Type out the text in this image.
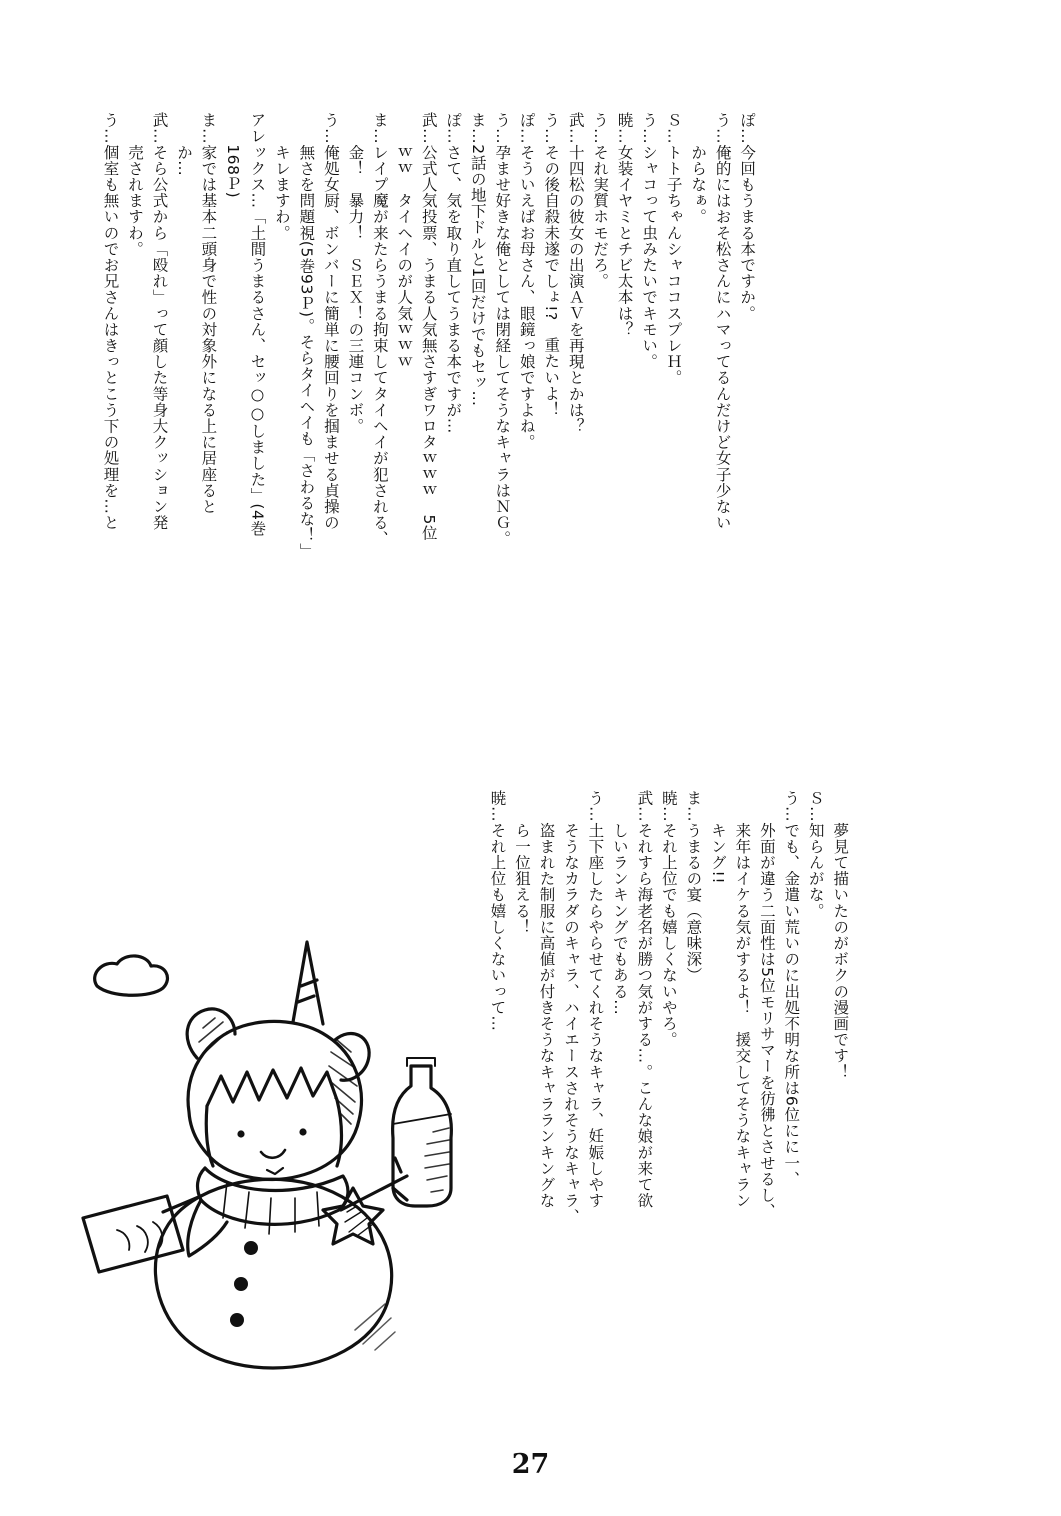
ぽ…今回もうまる本ですか。
う…俺的にはおそ松さんにハマってるんだけど女子少ない
　　からなぁ。
Ｓ…トト子ちゃんシャココスプレＨ。
う…シャコって虫みたいでキモい。
暁…女装イヤミとチビ太本は？
う…それ実質ホモだろ。
武…十四松の彼女の出演ＡＶを再現とかは？
う…その後自殺未遂でしょ!?　重たいよ！
ぽ…そういえばお母さん、眼鏡っ娘ですよね。
う…孕ませ好きな俺としては閉経してそうなキャラはＮＧ。
ま…2話の地下ドルと1回だけでもセッ…
ぽ…さて、気を取り直してうまる本ですが…
武…公式人気投票、うまる人気無さすぎワロタｗｗｗ　5位
　　ｗｗ　タイヘイのが人気ｗｗｗ
ま…レイプ魔が来たらうまる拘束してタイヘイが犯される、
　　金！　暴力！　ＳＥＸ！の三連コンボ。
う…俺処女厨、ボンバーに簡単に腰回りを掴ませる貞操の
　　無さを問題視(5巻93Ｐ)。そらタイヘイも「さわるな！」
　　キレますわ。
アレックス…「土間うまるさん、セッ○○しました」(4巻
　　168Ｐ)
ま…家では基本二頭身で性の対象外になる上に居座ると
　　か…
武…そら公式から「殴れ」って顔した等身大クッション発
　　売されますわ。
う…個室も無いのでお兄さんはきっとこう下の処理を…と
　　夢見て描いたのがボクの漫画です！
Ｓ…知らんがな。
う…でも、金遣い荒いのに出処不明な所は6位にに一、
　　外面が違う二面性は5位モリサマーを彷彿とさせるし、
　　来年はイケる気がするよ！　援交してそうなキャラン
　　キング!!
ま…うまるの宴（意味深）
暁…それ上位でも嬉しくないやろ。
武…それすら海老名が勝つ気がする…。こんな娘が来て欲
　　しいランキングでもある…
う…土下座したらやらせてくれそうなキャラ、妊娠しやす
　　そうなカラダのキャラ、ハイエースされそうなキャラ、
　　盗まれた制服に高値が付きそうなキャラランキングな
　　ら一位狙える！
暁…それ上位も嬉しくないって…
27
